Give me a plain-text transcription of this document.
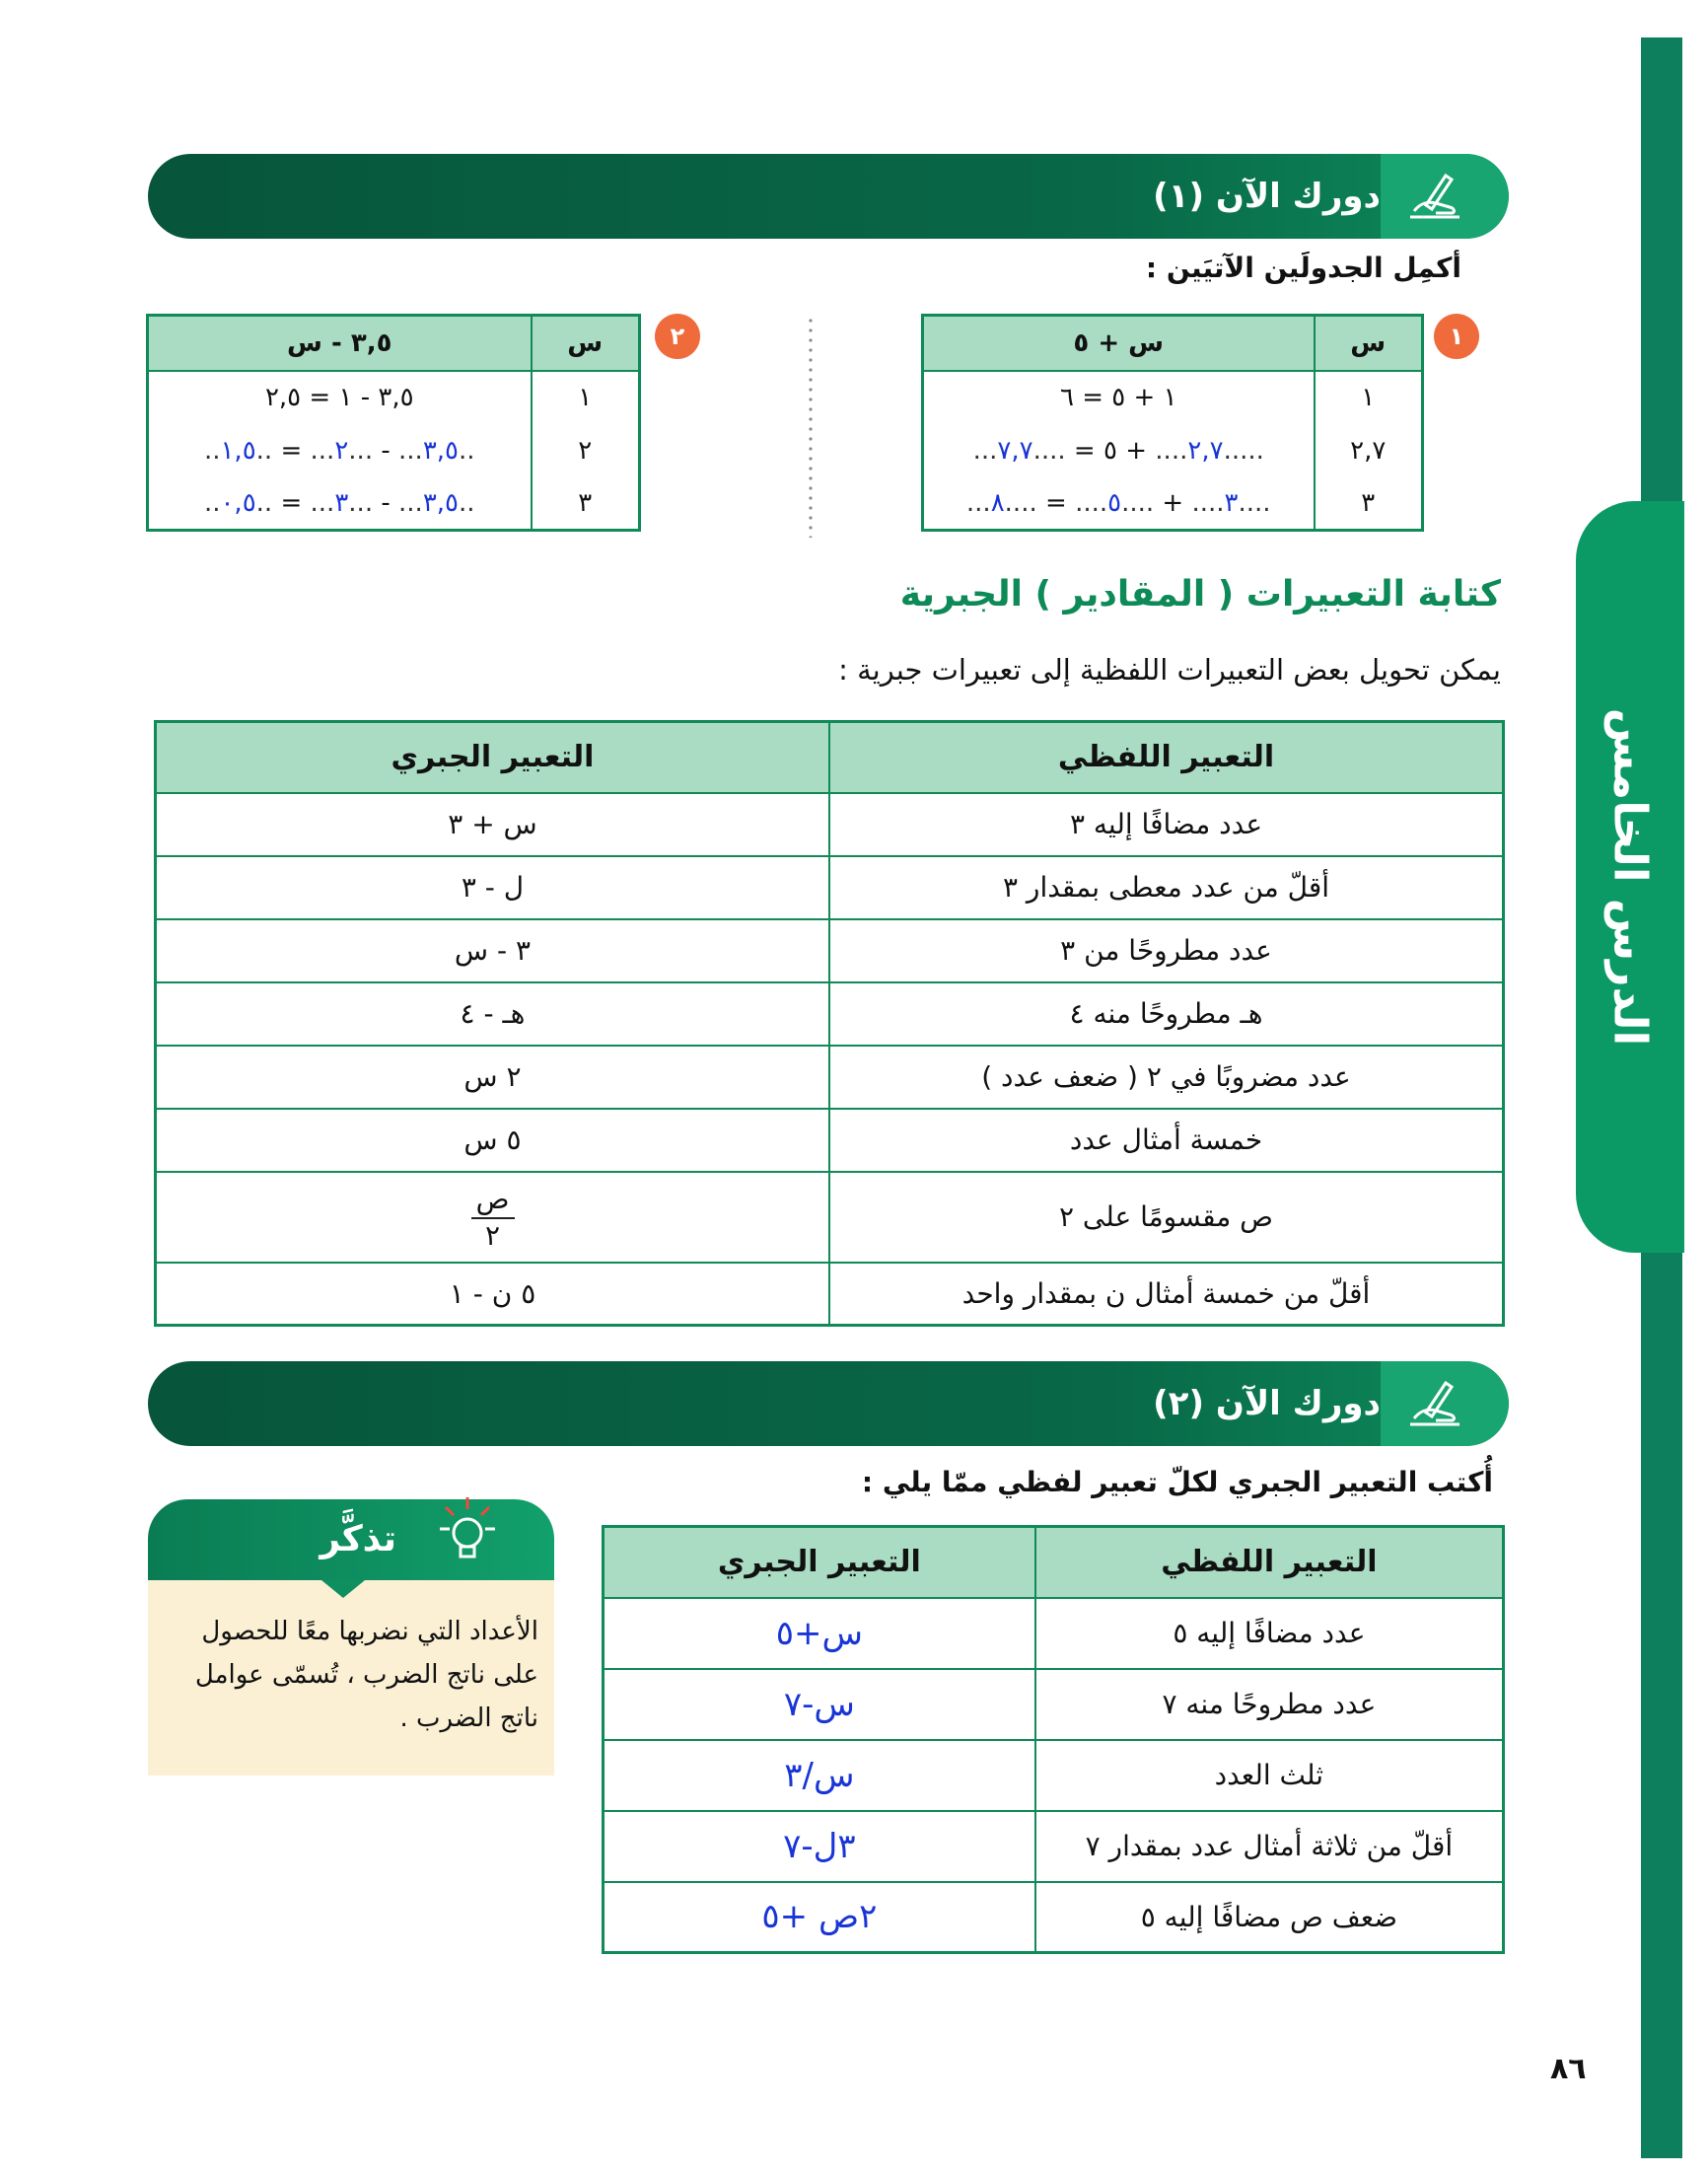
الدرس الخامس
دورك الآن (١)
أكمِل الجدولَين الآتيَين :
١
س	س + ٥
١	١ + ٥ = ٦
٢,٧	.....٢,٧.... + ٥ = ....٧,٧...
٣	....٣.... + ....٥.... = ....٨...
٢
س	٣,٥ - س
١	٣,٥ - ١ = ٢,٥
٢	..٣,٥... - ...٢... = ..١,٥..
٣	..٣,٥... - ...٣... = ..٠,٥..
كتابة التعبيرات ( المقادير ) الجبرية
يمكن تحويل بعض التعبيرات اللفظية إلى تعبيرات جبرية :
التعبير اللفظي	التعبير الجبري
عدد مضافًا إليه ٣	س + ٣
أقلّ من عدد معطى بمقدار ٣	ل - ٣
عدد مطروحًا من ٣	٣ - س
هـ مطروحًا منه ٤	هـ - ٤
عدد مضروبًا في ٢ ( ضعف عدد )	٢ س
خمسة أمثال عدد	٥ س
ص مقسومًا على ٢	$\frac{\text{ص}}{٢}$

أقلّ من خمسة أمثال ن بمقدار واحد	٥ ن - ١
دورك الآن (٢)
أُكتب التعبير الجبري لكلّ تعبير لفظي ممّا يلي :
التعبير اللفظي	التعبير الجبري
عدد مضافًا إليه ٥	س+٥
عدد مطروحًا منه ٧	س-٧
ثلث العدد	س/٣
أقلّ من ثلاثة أمثال عدد بمقدار ٧	٣ل-٧
ضعف ص مضافًا إليه ٥	٢ص +٥
تذكَّر
الأعداد التي نضربها معًا للحصول على ناتج الضرب ، تُسمّى عوامل ناتج الضرب .
٨٦
